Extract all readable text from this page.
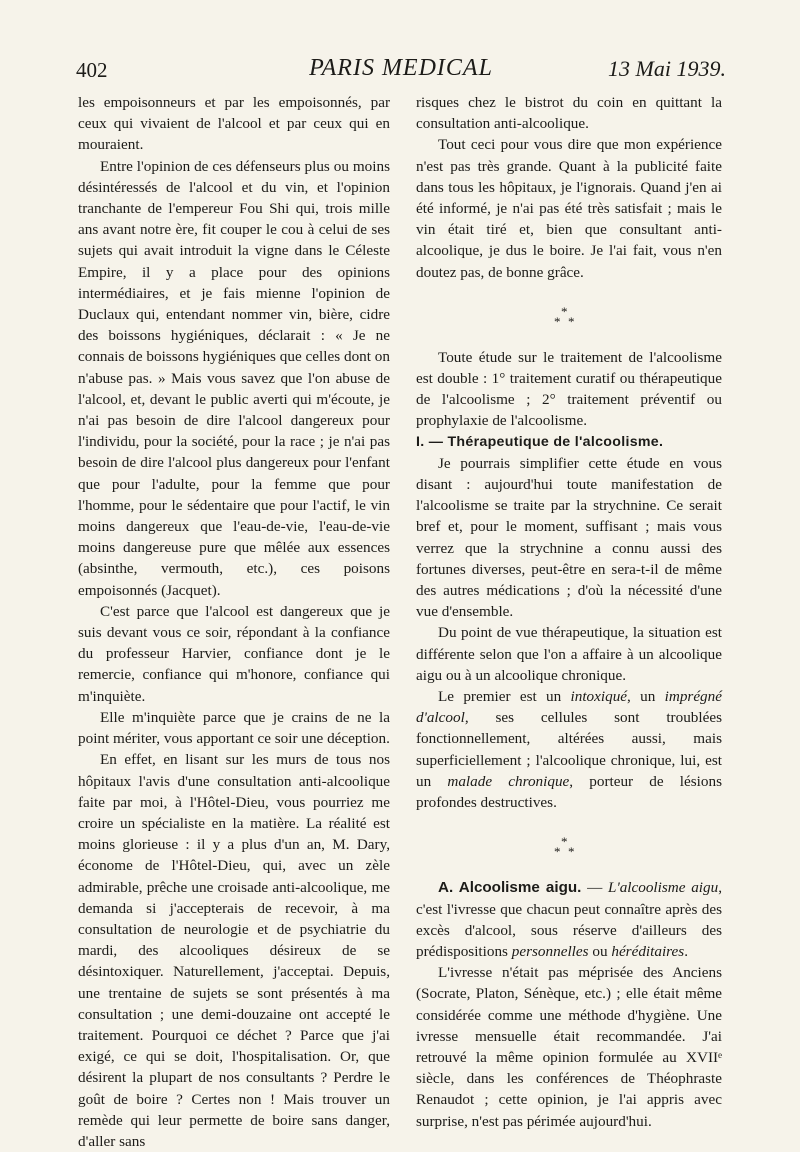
402	PARIS MEDICAL	13 Mai 1939.

les empoisonneurs et par les empoisonnés, par ceux qui vivaient de l'alcool et par ceux qui en mouraient.

Entre l'opinion de ces défenseurs plus ou moins désintéressés de l'alcool et du vin, et l'opinion tranchante de l'empereur Fou Shi qui, trois mille ans avant notre ère, fit couper le cou à celui de ses sujets qui avait introduit la vigne dans le Céleste Empire, il y a place pour des opinions intermédiaires, et je fais mienne l'opinion de Duclaux qui, entendant nommer vin, bière, cidre des boissons hygiéniques, déclarait : « Je ne connais de boissons hygiéniques que celles dont on n'abuse pas. » Mais vous savez que l'on abuse de l'alcool, et, devant le public averti qui m'écoute, je n'ai pas besoin de dire l'alcool dangereux pour l'individu, pour la société, pour la race ; je n'ai pas besoin de dire l'alcool plus dangereux pour l'enfant que pour l'adulte, pour la femme que pour l'homme, pour le sédentaire que pour l'actif, le vin moins dangereux que l'eau-de-vie, l'eau-de-vie moins dangereuse pure que mêlée aux essences (absinthe, vermouth, etc.), ces poisons empoisonnés (Jacquet).

C'est parce que l'alcool est dangereux que je suis devant vous ce soir, répondant à la confiance du professeur Harvier, confiance dont je le remercie, confiance qui m'honore, confiance qui m'inquiète.

Elle m'inquiète parce que je crains de ne la point mériter, vous apportant ce soir une déception.

En effet, en lisant sur les murs de tous nos hôpitaux l'avis d'une consultation anti-alcoolique faite par moi, à l'Hôtel-Dieu, vous pourriez me croire un spécialiste en la matière. La réalité est moins glorieuse : il y a plus d'un an, M. Dary, économe de l'Hôtel-Dieu, qui, avec un zèle admirable, prêche une croisade anti-alcoolique, me demanda si j'accepterais de recevoir, à ma consultation de neurologie et de psychiatrie du mardi, des alcooliques désireux de se désintoxiquer. Naturellement, j'acceptai. Depuis, une trentaine de sujets se sont présentés à ma consultation ; une demi-douzaine ont accepté le traitement. Pourquoi ce déchet ? Parce que j'ai exigé, ce qui se doit, l'hospitalisation. Or, que désirent la plupart de nos consultants ? Perdre le goût de boire ? Certes non ! Mais trouver un remède qui leur permette de boire sans danger, d'aller sans

risques chez le bistrot du coin en quittant la consultation anti-alcoolique.

Tout ceci pour vous dire que mon expérience n'est pas très grande. Quant à la publicité faite dans tous les hôpitaux, je l'ignorais. Quand j'en ai été informé, je n'ai pas été très satisfait ; mais le vin était tiré et, bien que consultant anti-alcoolique, je dus le boire. Je l'ai fait, vous n'en doutez pas, de bonne grâce.

*
* *

Toute étude sur le traitement de l'alcoolisme est double : 1° traitement curatif ou thérapeutique de l'alcoolisme ; 2° traitement préventif ou prophylaxie de l'alcoolisme.

I. — Thérapeutique de l'alcoolisme.

Je pourrais simplifier cette étude en vous disant : aujourd'hui toute manifestation de l'alcoolisme se traite par la strychnine. Ce serait bref et, pour le moment, suffisant ; mais vous verrez que la strychnine a connu aussi des fortunes diverses, peut-être en sera-t-il de même des autres médications ; d'où la nécessité d'une vue d'ensemble.

Du point de vue thérapeutique, la situation est différente selon que l'on a affaire à un alcoolique aigu ou à un alcoolique chronique.

Le premier est un intoxiqué, un imprégné d'alcool, ses cellules sont troublées fonctionnellement, altérées aussi, mais superficiellement ; l'alcoolique chronique, lui, est un malade chronique, porteur de lésions profondes destructives.

*
* *

A. Alcoolisme aigu. — L'alcoolisme aigu, c'est l'ivresse que chacun peut connaître après des excès d'alcool, sous réserve d'ailleurs des prédispositions personnelles ou héréditaires.

L'ivresse n'était pas méprisée des Anciens (Socrate, Platon, Sénèque, etc.) ; elle était même considérée comme une méthode d'hygiène. Une ivresse mensuelle était recommandée. J'ai retrouvé la même opinion formulée au XVIIᵉ siècle, dans les conférences de Théophraste Renaudot ; cette opinion, je l'ai appris avec surprise, n'est pas périmée aujourd'hui.
